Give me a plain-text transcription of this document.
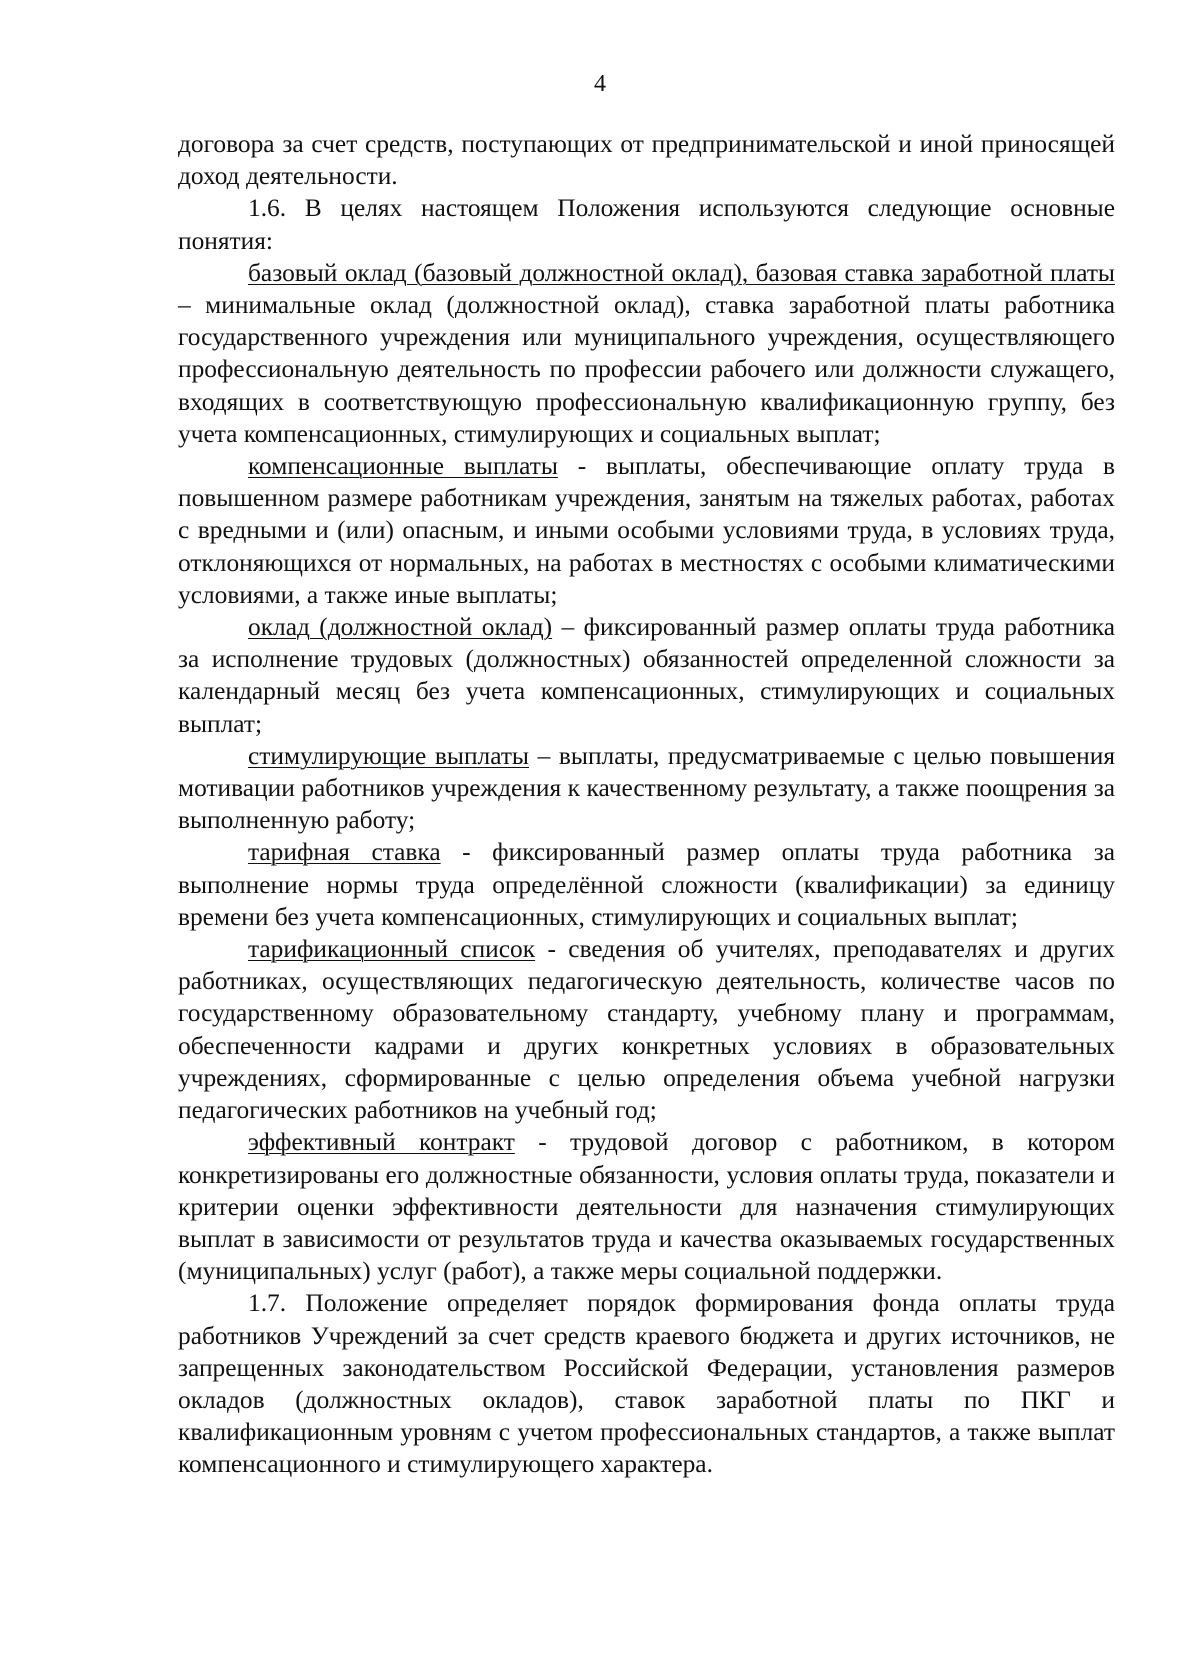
4

договора за счет средств, поступающих от предпринимательской и иной приносящей доход деятельности.

1.6. В целях настоящем Положения используются следующие основные понятия:

базовый оклад (базовый должностной оклад), базовая ставка заработной платы – минимальные оклад (должностной оклад), ставка заработной платы работника государственного учреждения или муниципального учреждения, осуществляющего профессиональную деятельность по профессии рабочего или должности служащего, входящих в соответствующую профессиональную квалификационную группу, без учета компенсационных, стимулирующих и социальных выплат;

компенсационные выплаты - выплаты, обеспечивающие оплату труда в повышенном размере работникам учреждения, занятым на тяжелых работах, работах с вредными и (или) опасным, и иными особыми условиями труда, в условиях труда, отклоняющихся от нормальных, на работах в местностях с особыми климатическими условиями, а также иные выплаты;

оклад (должностной оклад) – фиксированный размер оплаты труда работника за исполнение трудовых (должностных) обязанностей определенной сложности за календарный месяц без учета компенсационных, стимулирующих и социальных выплат;

стимулирующие выплаты – выплаты, предусматриваемые с целью повышения мотивации работников учреждения к качественному результату, а также поощрения за выполненную работу;

тарифная ставка - фиксированный размер оплаты труда работника за выполнение нормы труда определённой сложности (квалификации) за единицу времени без учета компенсационных, стимулирующих и социальных выплат;

тарификационный список - сведения об учителях, преподавателях и других работниках, осуществляющих педагогическую деятельность, количестве часов по государственному образовательному стандарту, учебному плану и программам, обеспеченности кадрами и других конкретных условиях в образовательных учреждениях, сформированные с целью определения объема учебной нагрузки педагогических работников на учебный год;

эффективный контракт - трудовой договор с работником, в котором конкретизированы его должностные обязанности, условия оплаты труда, показатели и критерии оценки эффективности деятельности для назначения стимулирующих выплат в зависимости от результатов труда и качества оказываемых государственных (муниципальных) услуг (работ), а также меры социальной поддержки.

1.7. Положение определяет порядок формирования фонда оплаты труда работников Учреждений за счет средств краевого бюджета и других источников, не запрещенных законодательством Российской Федерации, установления размеров окладов (должностных окладов), ставок заработной платы по ПКГ и квалификационным уровням с учетом профессиональных стандартов, а также выплат компенсационного и стимулирующего характера.
